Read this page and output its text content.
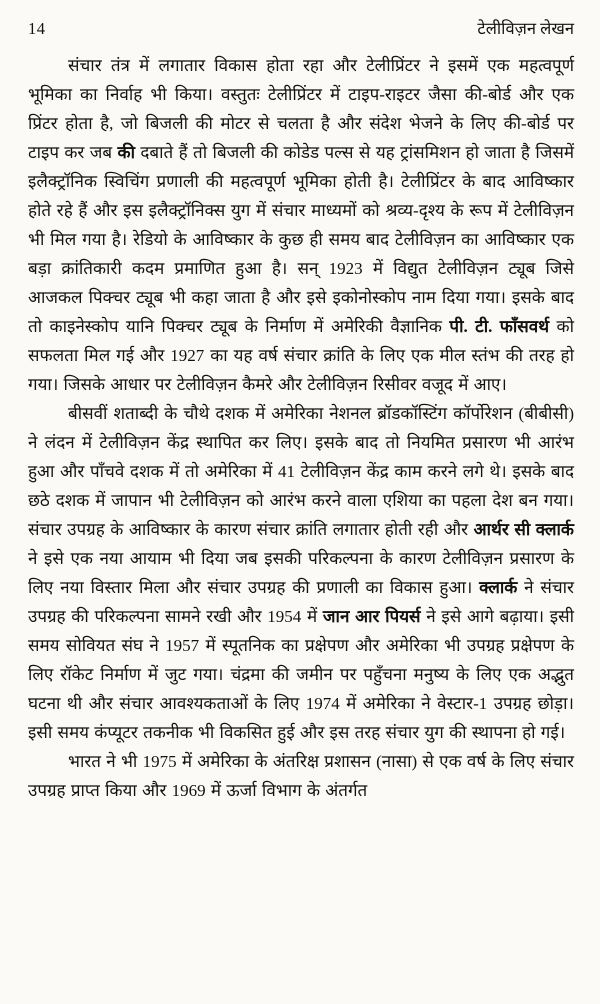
14	टेलीविज़न लेखन

संचार तंत्र में लगातार विकास होता रहा और टेलीप्रिंटर ने इसमें एक महत्वपूर्ण भूमिका का निर्वाह भी किया। वस्तुतः टेलीप्रिंटर में टाइप-राइटर जैसा की-बोर्ड और एक प्रिंटर होता है, जो बिजली की मोटर से चलता है और संदेश भेजने के लिए की-बोर्ड पर टाइप कर जब की दबाते हैं तो बिजली की कोडेड पल्स से यह ट्रांसमिशन हो जाता है जिसमें इलैक्ट्रॉनिक स्विचिंग प्रणाली की महत्वपूर्ण भूमिका होती है। टेलीप्रिंटर के बाद आविष्कार होते रहे हैं और इस इलैक्ट्रॉनिक्स युग में संचार माध्यमों को श्रव्य-दृश्य के रूप में टेलीविज़न भी मिल गया है। रेडियो के आविष्कार के कुछ ही समय बाद टेलीविज़न का आविष्कार एक बड़ा क्रांतिकारी कदम प्रमाणित हुआ है। सन् 1923 में विद्युत टेलीविज़न ट्यूब जिसे आजकल पिक्चर ट्यूब भी कहा जाता है और इसे इकोनोस्कोप नाम दिया गया। इसके बाद तो काइनेस्कोप यानि पिक्चर ट्यूब के निर्माण में अमेरिकी वैज्ञानिक पी. टी. फॉंसवर्थ को सफलता मिल गई और 1927 का यह वर्ष संचार क्रांति के लिए एक मील स्तंभ की तरह हो गया। जिसके आधार पर टेलीविज़न कैमरे और टेलीविज़न रिसीवर वजूद में आए।

बीसवीं शताब्दी के चौथे दशक में अमेरिका नेशनल ब्रॉडकॉस्टिंग कॉर्पोरेशन (बीबीसी) ने लंदन में टेलीविज़न केंद्र स्थापित कर लिए। इसके बाद तो नियमित प्रसारण भी आरंभ हुआ और पाँचवे दशक में तो अमेरिका में 41 टेलीविज़न केंद्र काम करने लगे थे। इसके बाद छठे दशक में जापान भी टेलीविज़न को आरंभ करने वाला एशिया का पहला देश बन गया। संचार उपग्रह के आविष्कार के कारण संचार क्रांति लगातार होती रही और आर्थर सी क्लार्क ने इसे एक नया आयाम भी दिया जब इसकी परिकल्पना के कारण टेलीविज़न प्रसारण के लिए नया विस्तार मिला और संचार उपग्रह की प्रणाली का विकास हुआ। क्लार्क ने संचार उपग्रह की परिकल्पना सामने रखी और 1954 में जान आर पियर्स ने इसे आगे बढ़ाया। इसी समय सोवियत संघ ने 1957 में स्पूतनिक का प्रक्षेपण और अमेरिका भी उपग्रह प्रक्षेपण के लिए रॉकेट निर्माण में जुट गया। चंद्रमा की जमीन पर पहुँचना मनुष्य के लिए एक अद्भुत घटना थी और संचार आवश्यकताओं के लिए 1974 में अमेरिका ने वेस्टार-1 उपग्रह छोड़ा। इसी समय कंप्यूटर तकनीक भी विकसित हुई और इस तरह संचार युग की स्थापना हो गई।

भारत ने भी 1975 में अमेरिका के अंतरिक्ष प्रशासन (नासा) से एक वर्ष के लिए संचार उपग्रह प्राप्त किया और 1969 में ऊर्जा विभाग के अंतर्गत
